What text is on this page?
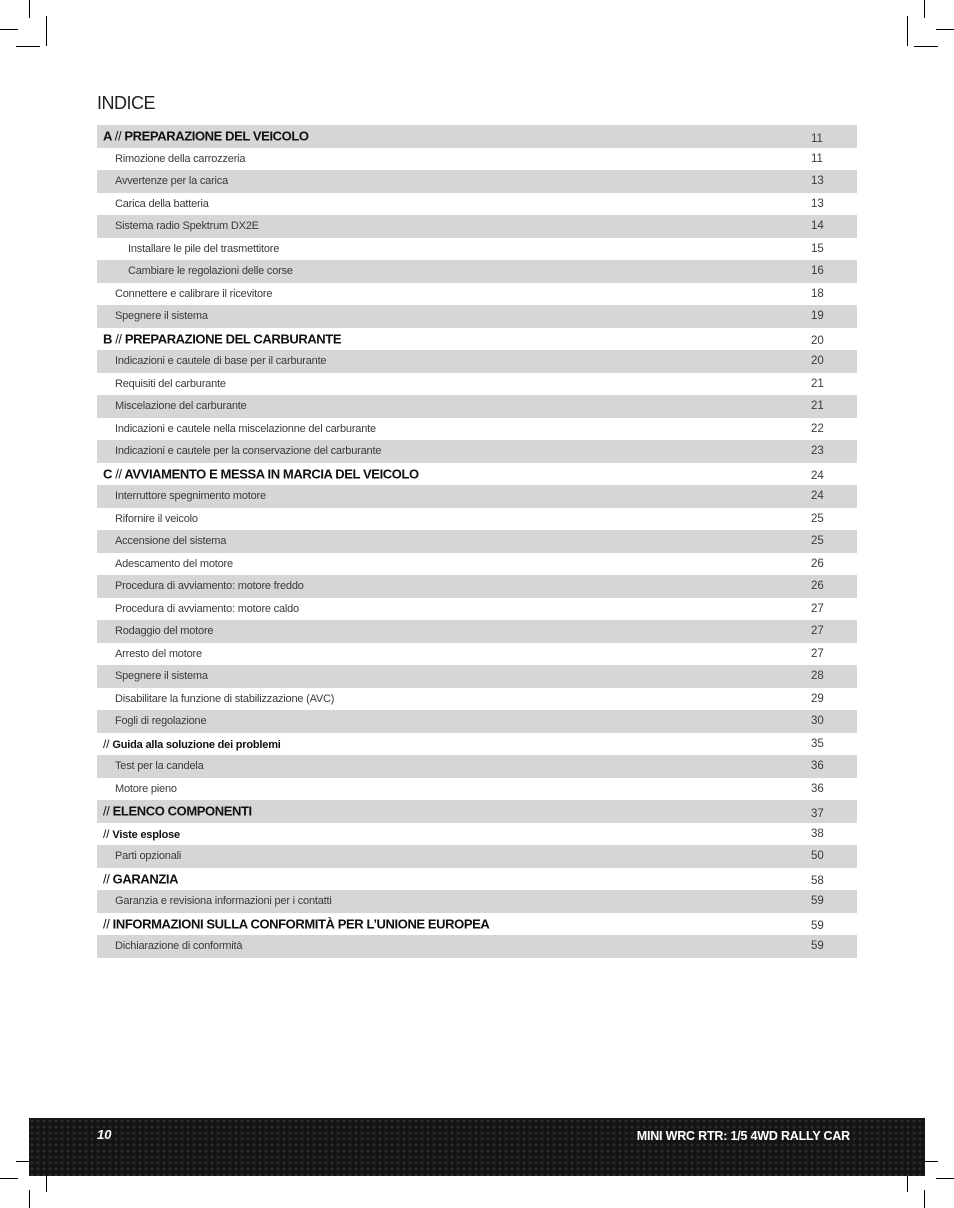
INDICE
A // PREPARAZIONE DEL VEICOLO	11
Rimozione della carrozzeria	11
Avvertenze per la carica	13
Carica della batteria	13
Sistema radio Spektrum DX2E	14
Installare le pile del trasmettitore	15
Cambiare le regolazioni delle corse	16
Connettere e calibrare il ricevitore	18
Spegnere il sistema	19
B // PREPARAZIONE DEL CARBURANTE	20
Indicazioni e cautele di base per il carburante	20
Requisiti del carburante	21
Miscelazione del carburante	21
Indicazioni e cautele nella miscelazionne del carburante	22
Indicazioni e cautele per la conservazione del carburante	23
C // AVVIAMENTO E MESSA IN MARCIA DEL VEICOLO	24
Interruttore spegnimento motore	24
Rifornire il veicolo	25
Accensione del sistema	25
Adescamento del motore	26
Procedura di avviamento: motore freddo	26
Procedura di avviamento: motore caldo	27
Rodaggio del motore	27
Arresto del motore	27
Spegnere il sistema	28
Disabilitare la funzione di stabilizzazione (AVC)	29
Fogli di regolazione	30
// Guida alla soluzione dei problemi	35
Test per la candela	36
Motore pieno	36
// ELENCO COMPONENTI	37
// Viste esplose	38
Parti opzionali	50
// GARANZIA	58
Garanzia e revisiona informazioni per i contatti	59
// INFORMAZIONI SULLA CONFORMITÀ PER L’UNIONE EUROPEA	59
Dichiarazione di conformità	59
10	MINI WRC RTR: 1/5 4WD RALLY CAR
